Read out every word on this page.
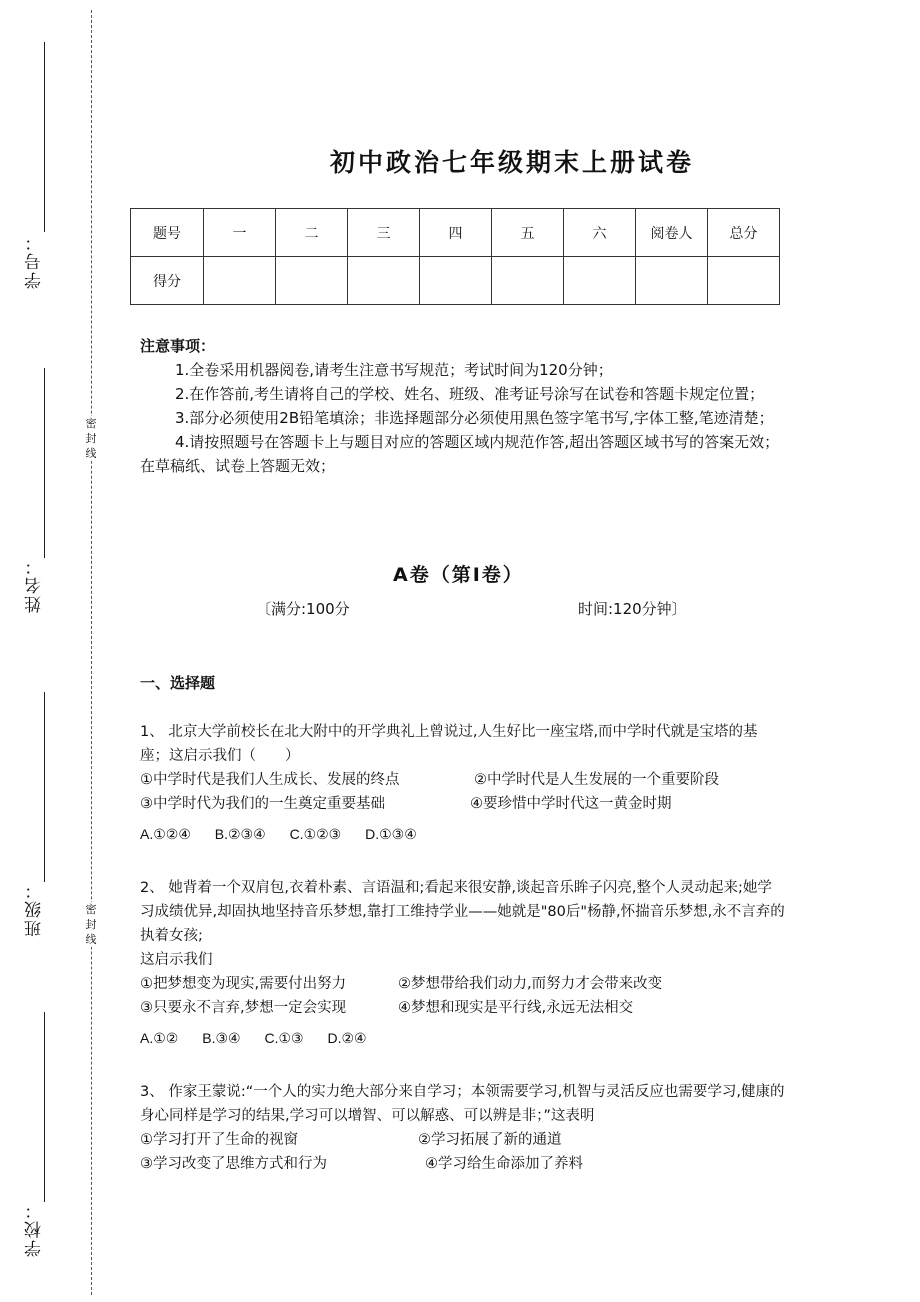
学号：
姓名：
班级：
学校：
密
封
线
密
封
线
初中政治七年级期末上册试卷
题号	一	二	三	四	五	六	阅卷人	总分
得分								
注意事项：
1.全卷采用机器阅卷,请考生注意书写规范；考试时间为120分钟；
2.在作答前,考生请将自己的学校、姓名、班级、准考证号涂写在试卷和答题卡规定位置；
3.部分必须使用2B铅笔填涂；非选择题部分必须使用黑色签字笔书写,字体工整,笔迹清楚；
4.请按照题号在答题卡上与题目对应的答题区域内规范作答,超出答题区域书写的答案无效；在草稿纸、试卷上答题无效；
A卷（第Ⅰ卷）
〔满分:100分	时间:120分钟〕
一、选择题
1、 北京大学前校长在北大附中的开学典礼上曾说过,人生好比一座宝塔,而中学时代就是宝塔的基座；这启示我们（　　）
①中学时代是我们人生成长、发展的终点	②中学时代是人生发展的一个重要阶段
③中学时代为我们的一生奠定重要基础	④要珍惜中学时代这一黄金时期
A.①②④ B.②③④ C.①②③ D.①③④
2、 她背着一个双肩包,衣着朴素、言语温和;看起来很安静,谈起音乐眸子闪亮,整个人灵动起来;她学习成绩优异,却固执地坚持音乐梦想,靠打工维持学业——她就是"80后"杨静,怀揣音乐梦想,永不言弃的执着女孩;
这启示我们
①把梦想变为现实,需要付出努力	②梦想带给我们动力,而努力才会带来改变
③只要永不言弃,梦想一定会实现	④梦想和现实是平行线,永远无法相交
A.①② B.③④ C.①③ D.②④
3、 作家王蒙说:“一个人的实力绝大部分来自学习；本领需要学习,机智与灵活反应也需要学习,健康的身心同样是学习的结果,学习可以增智、可以解惑、可以辨是非；”这表明
①学习打开了生命的视窗	②学习拓展了新的通道
③学习改变了思维方式和行为	④学习给生命添加了养料
